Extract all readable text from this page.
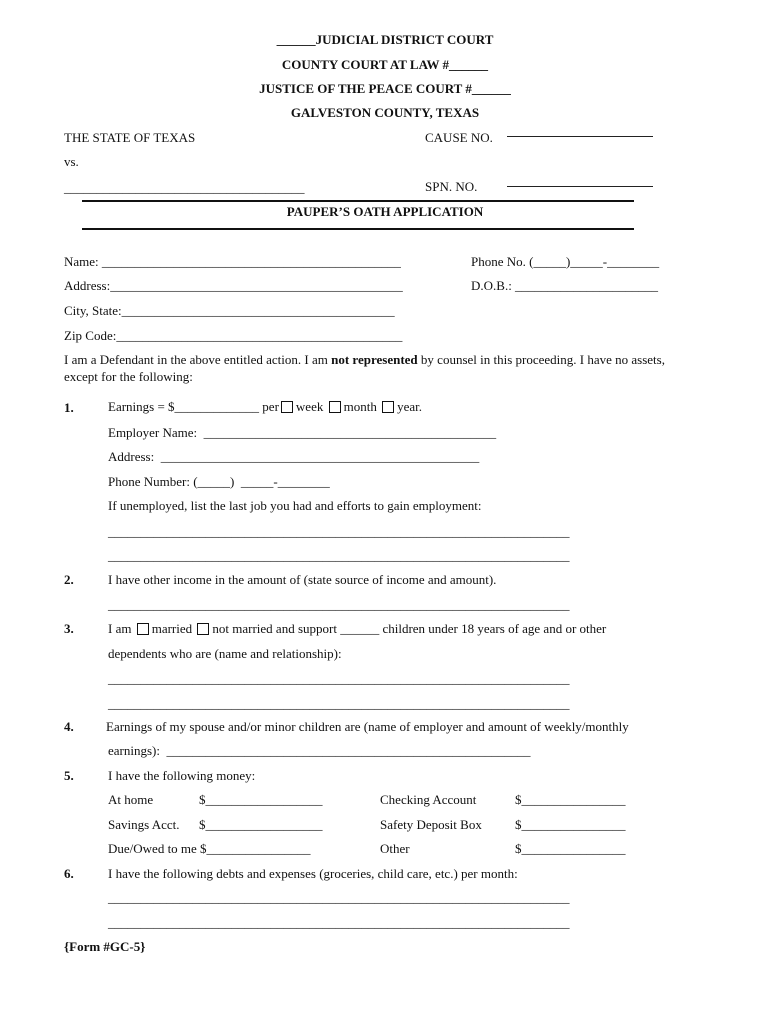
______JUDICIAL DISTRICT COURT
COUNTY COURT AT LAW #______
JUSTICE OF THE PEACE COURT #______
GALVESTON COUNTY, TEXAS
THE STATE OF TEXAS	CAUSE NO.
vs.
_____________________________________	SPN. NO.
PAUPER’S OATH APPLICATION
Name: ______________________________________________	Phone No. (_____)_____-________
Address:_____________________________________________	D.O.B.: ______________________
City, State:__________________________________________
Zip Code:____________________________________________
I am a Defendant in the above entitled action. I am not represented by counsel in this proceeding. I have no assets, except for the following:
1.	Earnings = $_____________ per week month year.
Employer Name:  _____________________________________________
Address:  _________________________________________________
Phone Number: (_____)  _____-________
If unemployed, list the last job you had and efforts to gain employment:
_______________________________________________________________________
_______________________________________________________________________
2.	I have other income in the amount of (state source of income and amount).
_______________________________________________________________________
3.	I am married not married and support ______ children under 18 years of age and or other
dependents who are (name and relationship):
_______________________________________________________________________
_______________________________________________________________________
4. Earnings of my spouse and/or minor children are (name of employer and amount of weekly/monthly
earnings):  ________________________________________________________
5.	I have the following money:
At home	$__________________	Checking Account	$________________
Savings Acct. $__________________	Safety Deposit Box	$________________
Due/Owed to me $________________	Other	$________________
6.	I have the following debts and expenses (groceries, child care, etc.) per month:
_______________________________________________________________________
_______________________________________________________________________
{Form #GC-5}
